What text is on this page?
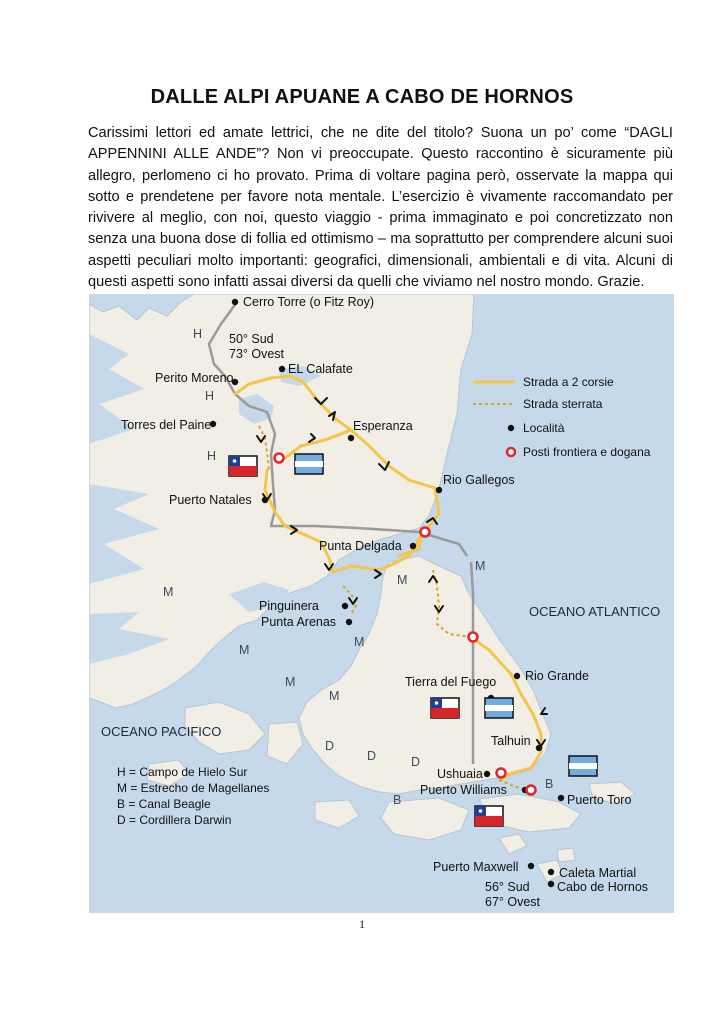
DALLE ALPI APUANE A CABO DE HORNOS

Carissimi lettori ed amate lettrici, che ne dite del titolo? Suona un po’ come “DAGLI APPENNINI ALLE ANDE”? Non vi preoccupate. Questo raccontino è sicuramente più allegro, perlomeno ci ho provato. Prima di voltare pagina però, osservate la mappa qui sotto e prendetene per favore nota mentale. L’esercizio è vivamente raccomandato per rivivere al meglio, con noi, questo viaggio - prima immaginato e poi concretizzato non senza una buona dose di follia ed ottimismo – ma soprattutto per comprendere alcuni suoi aspetti peculiari molto importanti: geografici, dimensionali, ambientali e di vita. Alcuni di questi aspetti sono infatti assai diversi da quelli che viviamo nel nostro mondo. Grazie.

Cerro Torre (o Fitz Roy)
50° Sud
73° Ovest
EL Calafate
Perito Moreno
Torres del Paine	Esperanza
Rio Gallegos
Puerto Natales
Punta Delgada
Pinguinera
Punta Arenas
Tierra del Fuego Rio Grande
Talhuin
Ushuaia
Puerto Williams
Puerto Toro
Puerto Maxwell	Caleta Martial
Cabo de Hornos
56° Sud
67° Ovest
OCEANO ATLANTICO
OCEANO PACIFICO
H
H
H
M
M
M
M
M
M
M
D
D	D
B
B
Strada a 2 corsie
Strada sterrata
Località
Posti frontiera e dogana
H = Campo de Hielo Sur
M = Estrecho de Magellanes
B = Canal Beagle
D = Cordillera Darwin
1
